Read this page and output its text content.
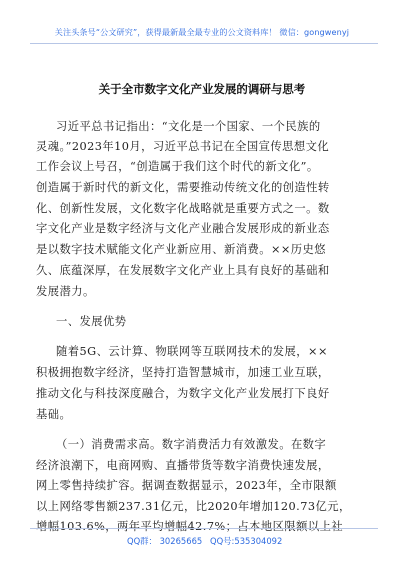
关注头条号“公文研究”，获得最新最全最专业的公文资料库！ 微信：gongwenyj
关于全市数字文化产业发展的调研与思考
习近平总书记指出：“文化是一个国家、一个民族的
灵魂。”2023年10月，习近平总书记在全国宣传思想文化
工作会议上号召，“创造属于我们这个时代的新文化”。
创造属于新时代的新文化，需要推动传统文化的创造性转
化、创新性发展，文化数字化战略就是重要方式之一。数
字文化产业是数字经济与文化产业融合发展形成的新业态
是以数字技术赋能文化产业新应用、新消费。××历史悠
久、底蕴深厚，在发展数字文化产业上具有良好的基础和
发展潜力。
一、发展优势
随着5G、云计算、物联网等互联网技术的发展，××
积极拥抱数字经济，坚持打造智慧城市，加速工业互联，
推动文化与科技深度融合，为数字文化产业发展打下良好
基础。
（一）消费需求高。数字消费活力有效激发。在数字
经济浪潮下，电商网购、直播带货等数字消费快速发展，
网上零售持续扩容。据调查数据显示，2023年，全市限额
以上网络零售额237.31亿元，比2020年增加120.73亿元，
增幅103.6%，两年平均增幅42.7%；占本地区限额以上社
QQ群： 30265665 QQ号:535304092
